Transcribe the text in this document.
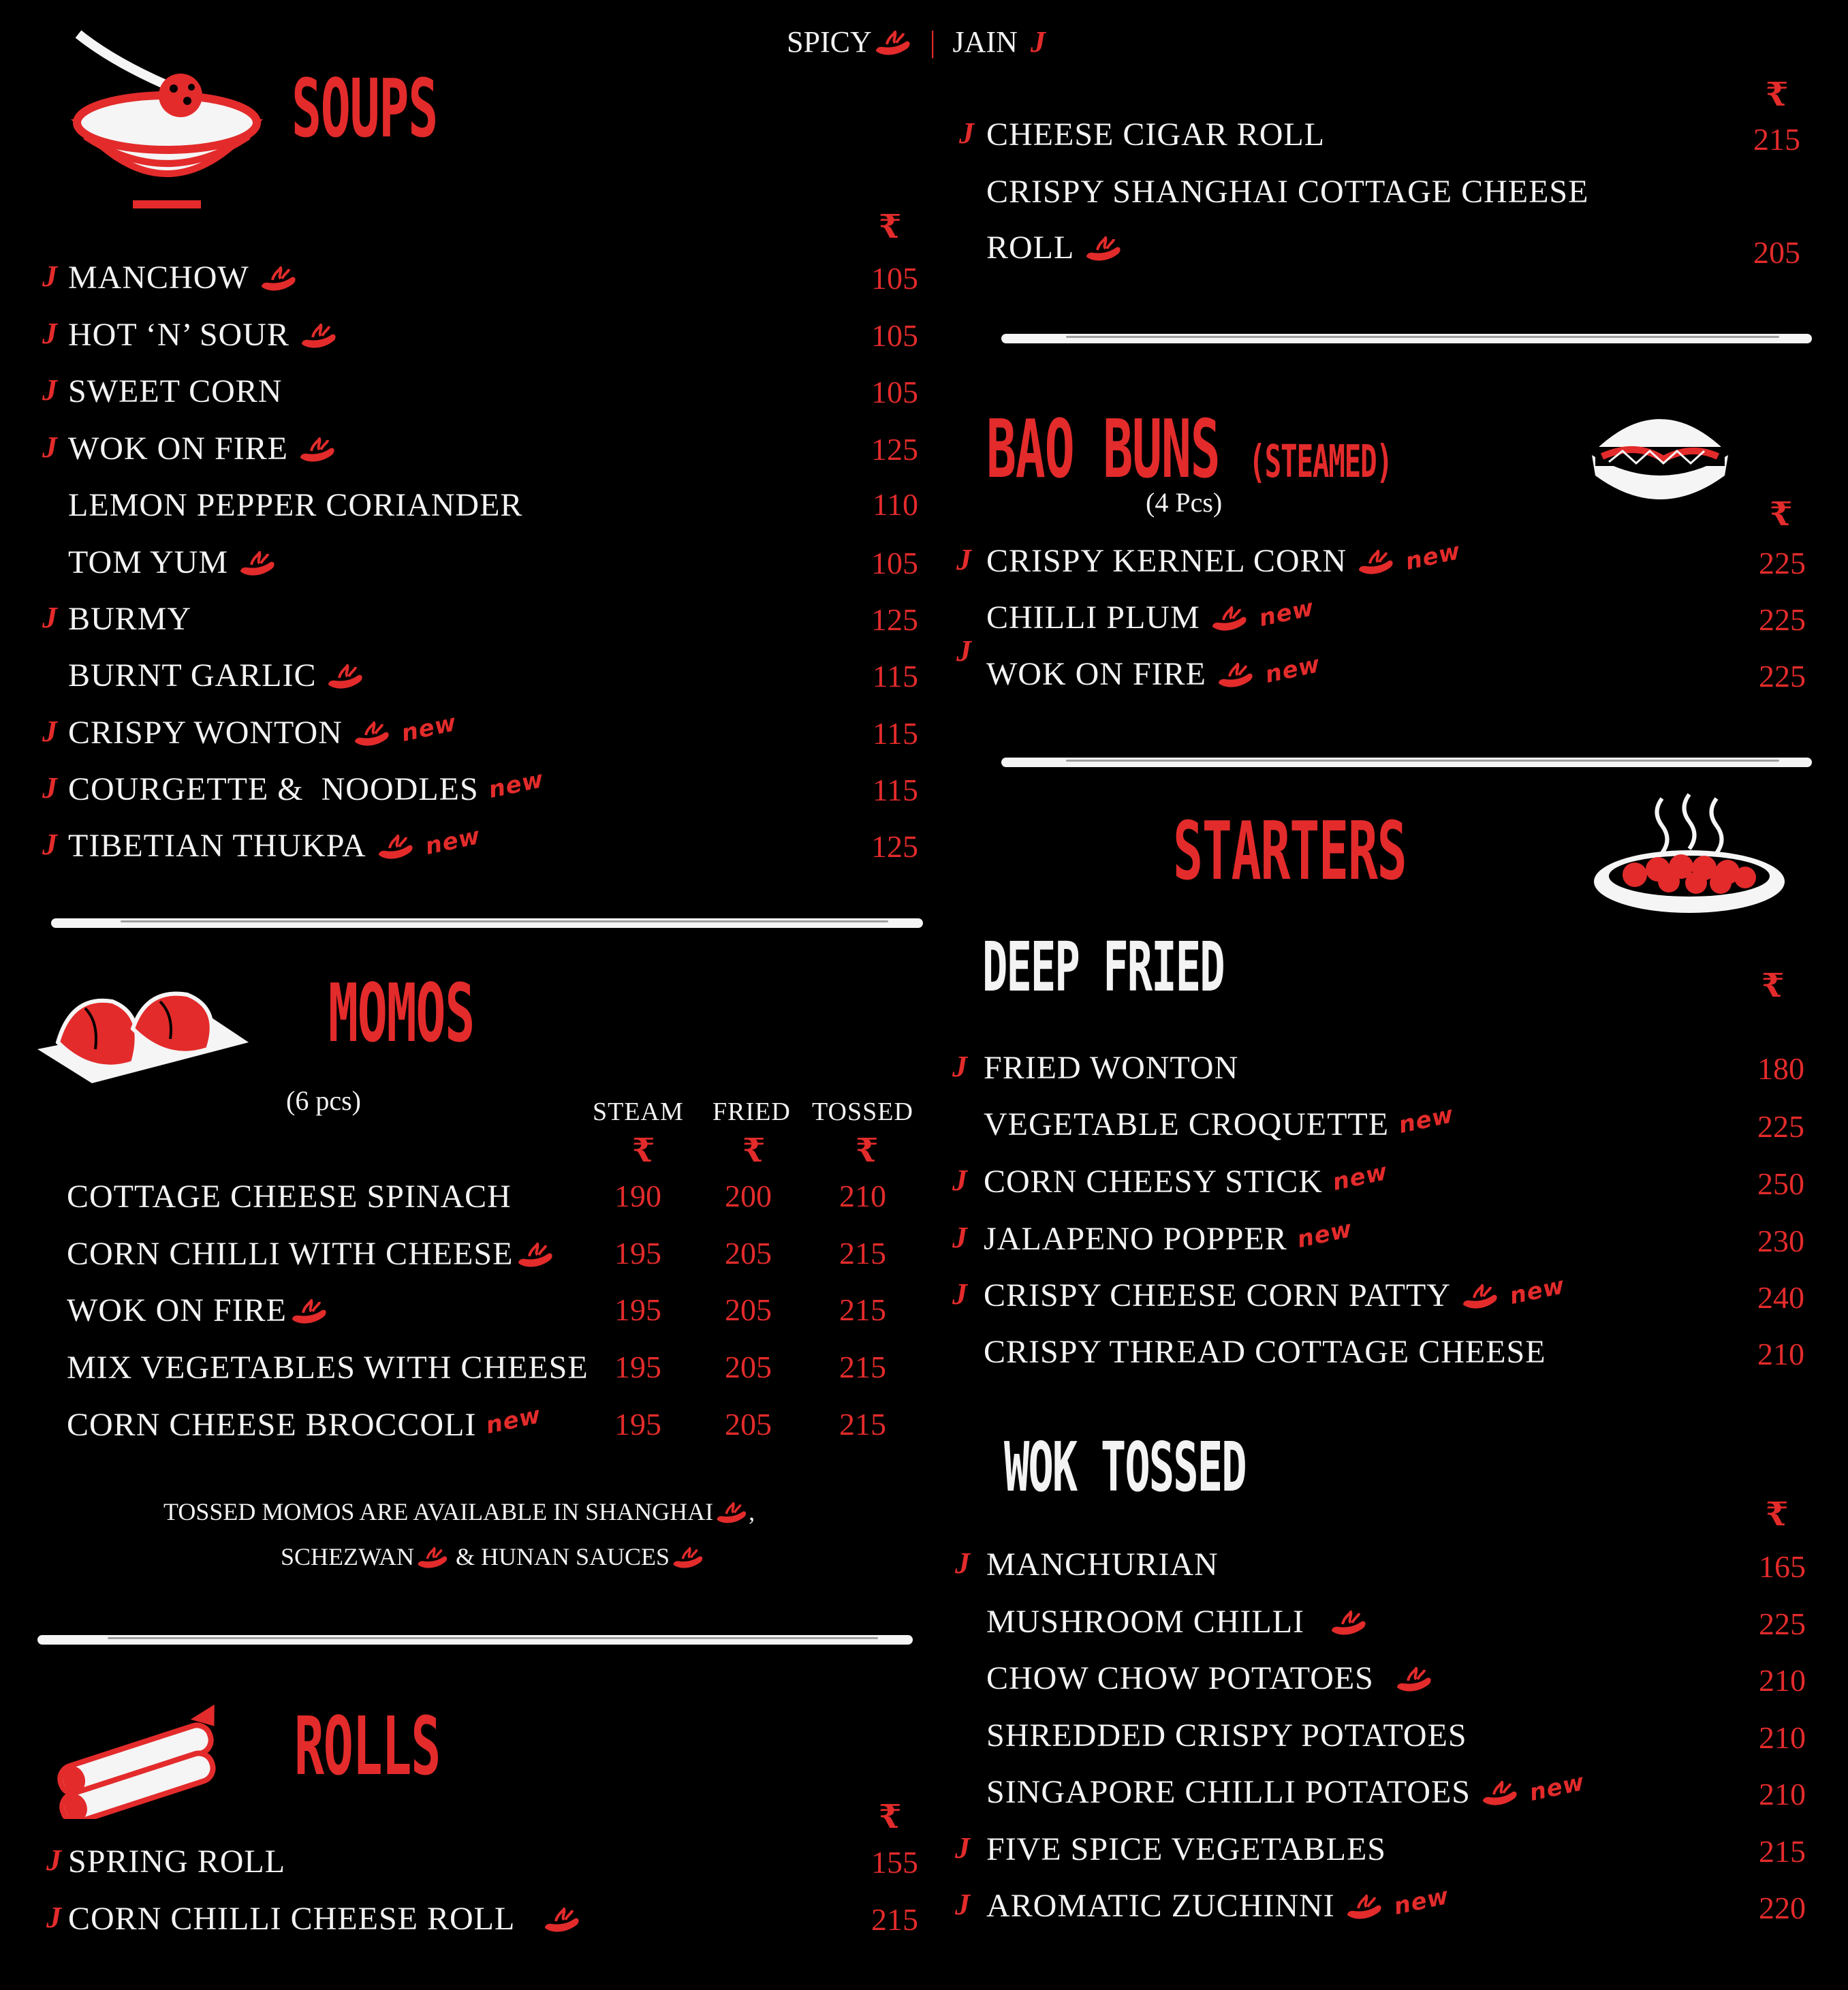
SPICY | JAIN J
SOUPS
₹
J MANCHOW	105
J HOT ‘N’ SOUR	105
J SWEET CORN	105
J WOK ON FIRE	125
LEMON PEPPER CORIANDER	110
TOM YUM	105
J BURMY	125
BURNT GARLIC	115
J CRISPY WONTON new	115
J COURGETTE &  NOODLES new	115
J TIBETIAN THUKPA new	125
MOMOS
(6 pcs)	STEAM FRIED TOSSED
₹	₹	₹
COTTAGE CHEESE SPINACH	190 200 210
CORN CHILLI WITH CHEESE	195 205 215
WOK ON FIRE	195 205 215
MIX VEGETABLES WITH CHEESE 195 205 215
CORN CHEESE BROCCOLI new 195 205 215
TOSSED MOMOS ARE AVAILABLE IN SHANGHAI ,
SCHEZWAN & HUNAN SAUCES
ROLLS
₹
J SPRING ROLL	155
J CORN CHILLI CHEESE ROLL	215
₹
J CHEESE CIGAR ROLL	215
CRISPY SHANGHAI COTTAGE CHEESE
ROLL	205
BAO BUNS (STEAMED)
(4 Pcs)	₹
J CRISPY KERNEL CORN new	225
CHILLI PLUM new	225
J
WOK ON FIRE new	225
STARTERS
DEEP FRIED	₹
J FRIED WONTON	180
VEGETABLE CROQUETTE new	225
J CORN CHEESY STICK new	250
J JALAPENO POPPER new	230
J CRISPY CHEESE CORN PATTY new	240
CRISPY THREAD COTTAGE CHEESE	210
WOK TOSSED
₹
J MANCHURIAN	165
MUSHROOM CHILLI	225
CHOW CHOW POTATOES	210
SHREDDED CRISPY POTATOES	210
SINGAPORE CHILLI POTATOES new	210
J FIVE SPICE VEGETABLES	215
J AROMATIC ZUCHINNI new	220
